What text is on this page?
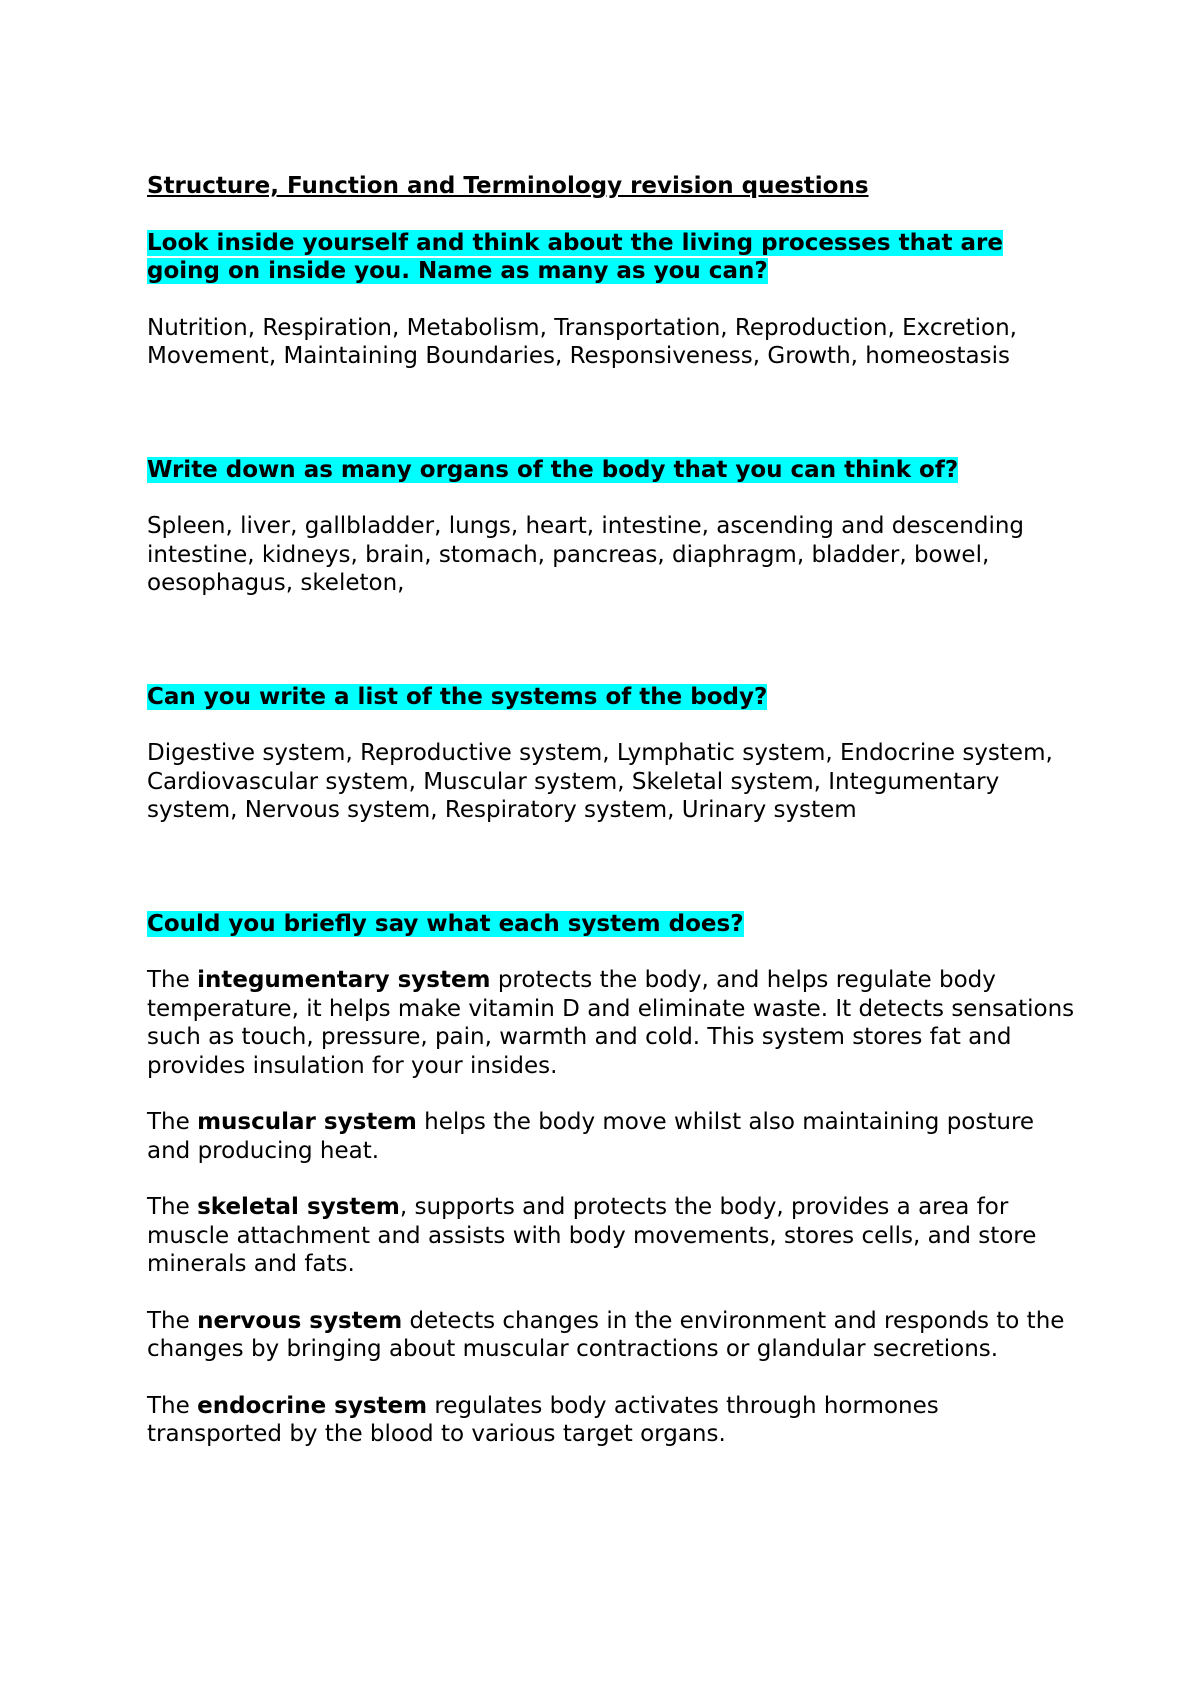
Structure, Function and Terminology revision questions

Look inside yourself and think about the living processes that are going on inside you. Name as many as you can?

Nutrition, Respiration, Metabolism, Transportation, Reproduction, Excretion, Movement, Maintaining Boundaries, Responsiveness, Growth, homeostasis

Write down as many organs of the body that you can think of?

Spleen, liver, gallbladder, lungs, heart, intestine, ascending and descending intestine, kidneys, brain, stomach, pancreas, diaphragm, bladder, bowel, oesophagus, skeleton,

Can you write a list of the systems of the body?

Digestive system, Reproductive system, Lymphatic system, Endocrine system, Cardiovascular system, Muscular system, Skeletal system, Integumentary system, Nervous system, Respiratory system, Urinary system

Could you briefly say what each system does?

The integumentary system protects the body, and helps regulate body temperature, it helps make vitamin D and eliminate waste. It detects sensations such as touch, pressure, pain, warmth and cold. This system stores fat and provides insulation for your insides.

The muscular system helps the body move whilst also maintaining posture and producing heat.

The skeletal system, supports and protects the body, provides a area for muscle attachment and assists with body movements, stores cells, and store minerals and fats.

The nervous system detects changes in the environment and responds to the changes by bringing about muscular contractions or glandular secretions.

The endocrine system regulates body activates through hormones transported by the blood to various target organs.
